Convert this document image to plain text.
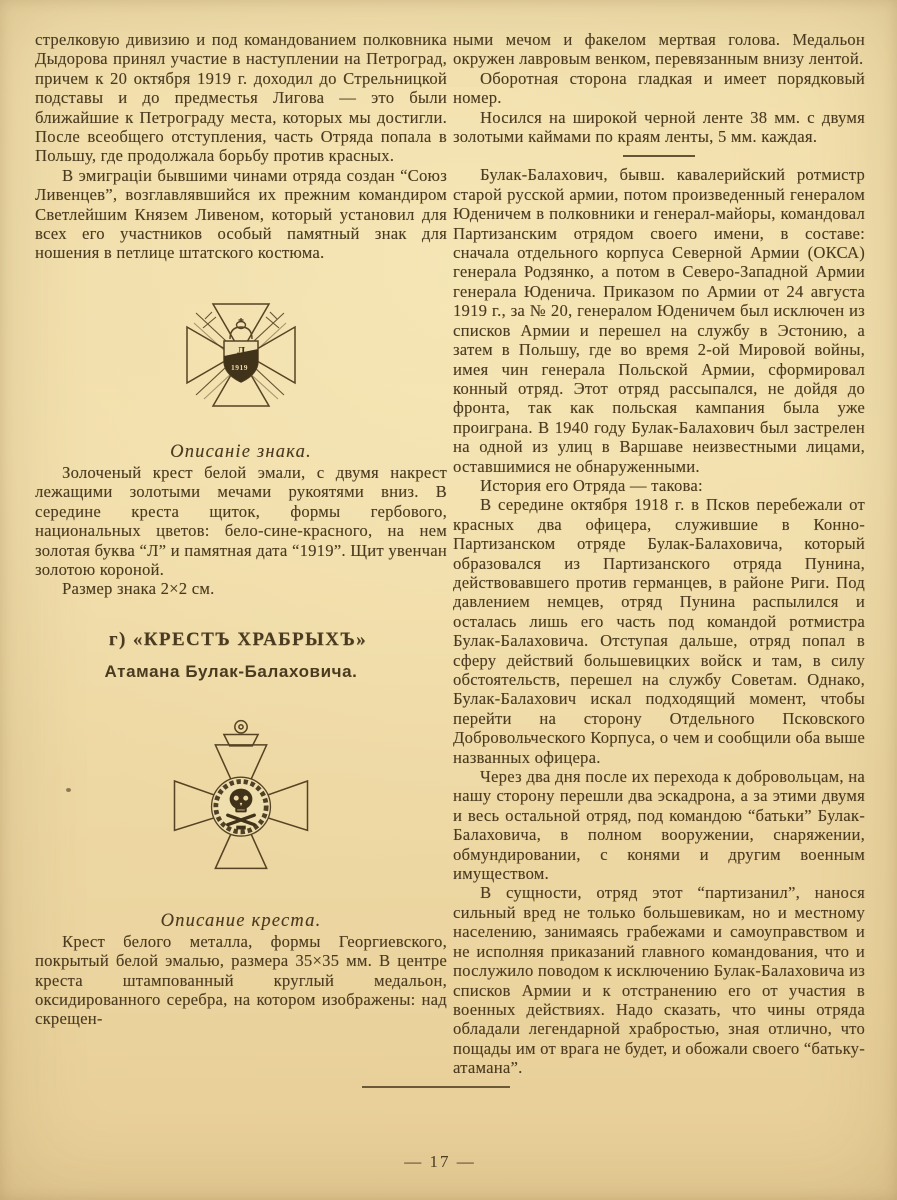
стрелковую дивизию и под командованием полковника Дыдорова принял участие в наступлении на Петроград, причем к 20 октября 1919 г. доходил до Стрельницкой подставы и до предместья Лигова — это были ближайшие к Петрограду места, которых мы достигли. После всеобщего отступления, часть Отряда попала в Польшу, где продолжала борьбу против красных.

В эмиграціи бывшими чинами отряда создан “Союз Ливенцев”, возглавлявшийся их прежним командиром Светлейшим Князем Ливеном, который установил для всех его участников особый памятный знак для ношения в петлице штатского костюма.

Л
1919
Описаніе знака.

Золоченый крест белой эмали, с двумя накрест лежащими золотыми мечами рукоятями вниз. В середине креста щиток, формы гербового, национальных цветов: бело-сине-красного, на нем золотая буква “Л” и памятная дата “1919”. Щит увенчан золотою короной.

Размер знака 2×2 см.

г) «КРЕСТЪ ХРАБРЫХЪ»
Атамана Булак-Балаховича.
Описание креста.

Крест белого металла, формы Георгиевского, покрытый белой эмалью, размера 35×35 мм. В центре креста штампованный круглый медальон, оксидированного серебра, на котором изображены: над скрещен-

ными мечом и факелом мертвая голова. Медальон окружен лавровым венком, перевязанным внизу лентой.

Оборотная сторона гладкая и имеет порядковый номер.

Носился на широкой черной ленте 38 мм. с двумя золотыми каймами по краям ленты, 5 мм. каждая.

Булак-Балахович, бывш. кавалерийский ротмистр старой русской армии, потом произведенный генералом Юденичем в полковники и генерал-майоры, командовал Партизанским отрядом своего имени, в составе: сначала отдельного корпуса Северной Армии (ОКСА) генерала Родзянко, а потом в Северо-Западной Армии генерала Юденича. Приказом по Армии от 24 августа 1919 г., за № 20, генералом Юденичем был исключен из списков Армии и перешел на службу в Эстонию, а затем в Польшу, где во время 2-ой Мировой войны, имея чин генерала Польской Армии, сформировал конный отряд. Этот отряд рассыпался, не дойдя до фронта, так как польская кампания была уже проиграна. В 1940 году Булак-Балахович был застрелен на одной из улиц в Варшаве неизвестными лицами, оставшимися не обнаруженными.

История его Отряда — такова:

В середине октября 1918 г. в Псков перебежали от красных два офицера, служившие в Конно-Партизанском отряде Булак-Балаховича, который образовался из Партизанского отряда Пунина, действовавшего против германцев, в районе Риги. Под давлением немцев, отряд Пунина распылился и осталась лишь его часть под командой ротмистра Булак-Балаховича. Отступая дальше, отряд попал в сферу действий большевицких войск и там, в силу обстоятельств, перешел на службу Советам. Однако, Булак-Балахович искал подходящий момент, чтобы перейти на сторону Отдельного Псковского Добровольческого Корпуса, о чем и сообщили оба выше названных офицера.

Через два дня после их перехода к добровольцам, на нашу сторону перешли два эскадрона, а за этими двумя и весь остальной отряд, под командою “батьки” Булак-Балаховича, в полном вооружении, снаряжении, обмундировании, с конями и другим военным имуществом.

В сущности, отряд этот “партизанил”, нанося сильный вред не только большевикам, но и местному населению, занимаясь грабежами и самоуправством и не исполняя приказаний главного командования, что и послужило поводом к исключению Булак-Балаховича из списков Армии и к отстранению его от участия в военных действиях. Надо сказать, что чины отряда обладали легендарной храбростью, зная отлично, что пощады им от врага не будет, и обожали своего “батьку-атамана”.

— 17 —
